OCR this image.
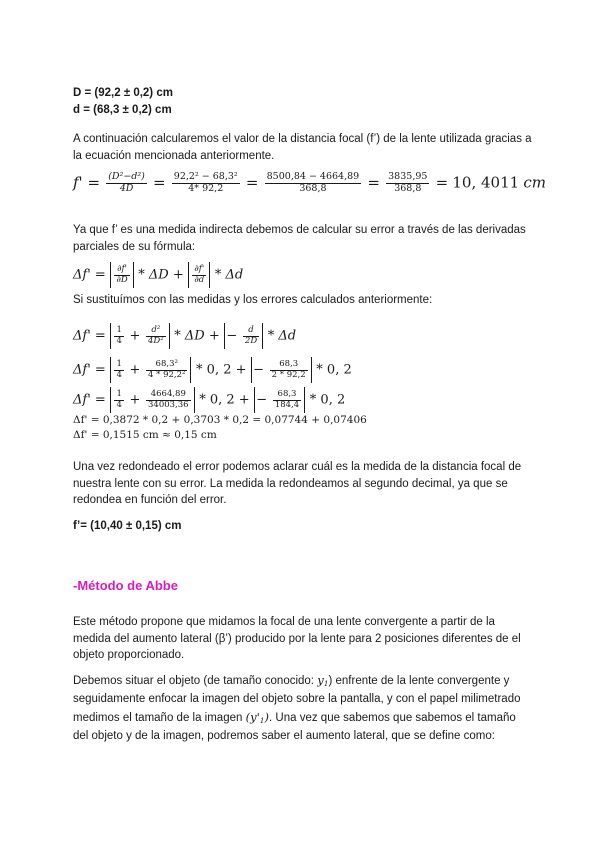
D = (92,2 ± 0,2) cm
d = (68,3 ± 0,2) cm
A continuación calcularemos el valor de la distancia focal (f’) de la lente utilizada gracias a la ecuación mencionada anteriormente.
$f' = \frac{\text{(D²−d²)}}{4D} = \frac{\text{92,2² − 68,3²}}{4* 92,2} = \frac{8500,84 - 4664,89}{368,8} = \frac{3835,95}{368,8} = 10$, 4011 cm
Ya que f’ es una medida indirecta debemos de calcular su error a través de las derivadas parciales de su fórmula:
$\Delta f' = \frac{\partial f'}{\partial D} * \Delta D + \frac{\partial f'}{\partial d} * \Delta d$
Si sustituímos con las medidas y los errores calculados anteriormente:
$\Delta f' = \frac{1}{4} + \frac{\text{d²}}{\text{4D²}} * \Delta D$ + − $\frac{d}{2D}$ * Δd
$\Delta f' = \frac{1}{4} + \frac{\text{68,3²}}{\text{4 * 92,2²}} * 0$, 2 + − $\frac{68,3}{2 * 92,2} * 0$, 2
$\Delta f' = \frac{1}{4} + \frac{4664,89}{34003,36} * 0$, 2 + − $\frac{68,3}{184,4} * 0$, 2
Δf' = 0,3872 * 0,2 + 0,3703 * 0,2 = 0,07744 + 0,07406
Δf' = 0,1515 cm ≈ 0,15 cm
Una vez redondeado el error podemos aclarar cuál es la medida de la distancia focal de nuestra lente con su error. La medida la redondeamos al segundo decimal, ya que se redondea en función del error.
f’= (10,40 ± 0,15) cm
-Método de Abbe
Este método propone que midamos la focal de una lente convergente a partir de la medida del aumento lateral (β’) producido por la lente para 2 posiciones diferentes de el objeto proporcionado.
Debemos situar el objeto (de tamaño conocido: $y_1$) enfrente de la lente convergente y seguidamente enfocar la imagen del objeto sobre la pantalla, y con el papel milimetrado medimos el tamaño de la imagen $(y'_1)$. Una vez que sabemos que sabemos el tamaño del objeto y de la imagen, podremos saber el aumento lateral, que se define como:
